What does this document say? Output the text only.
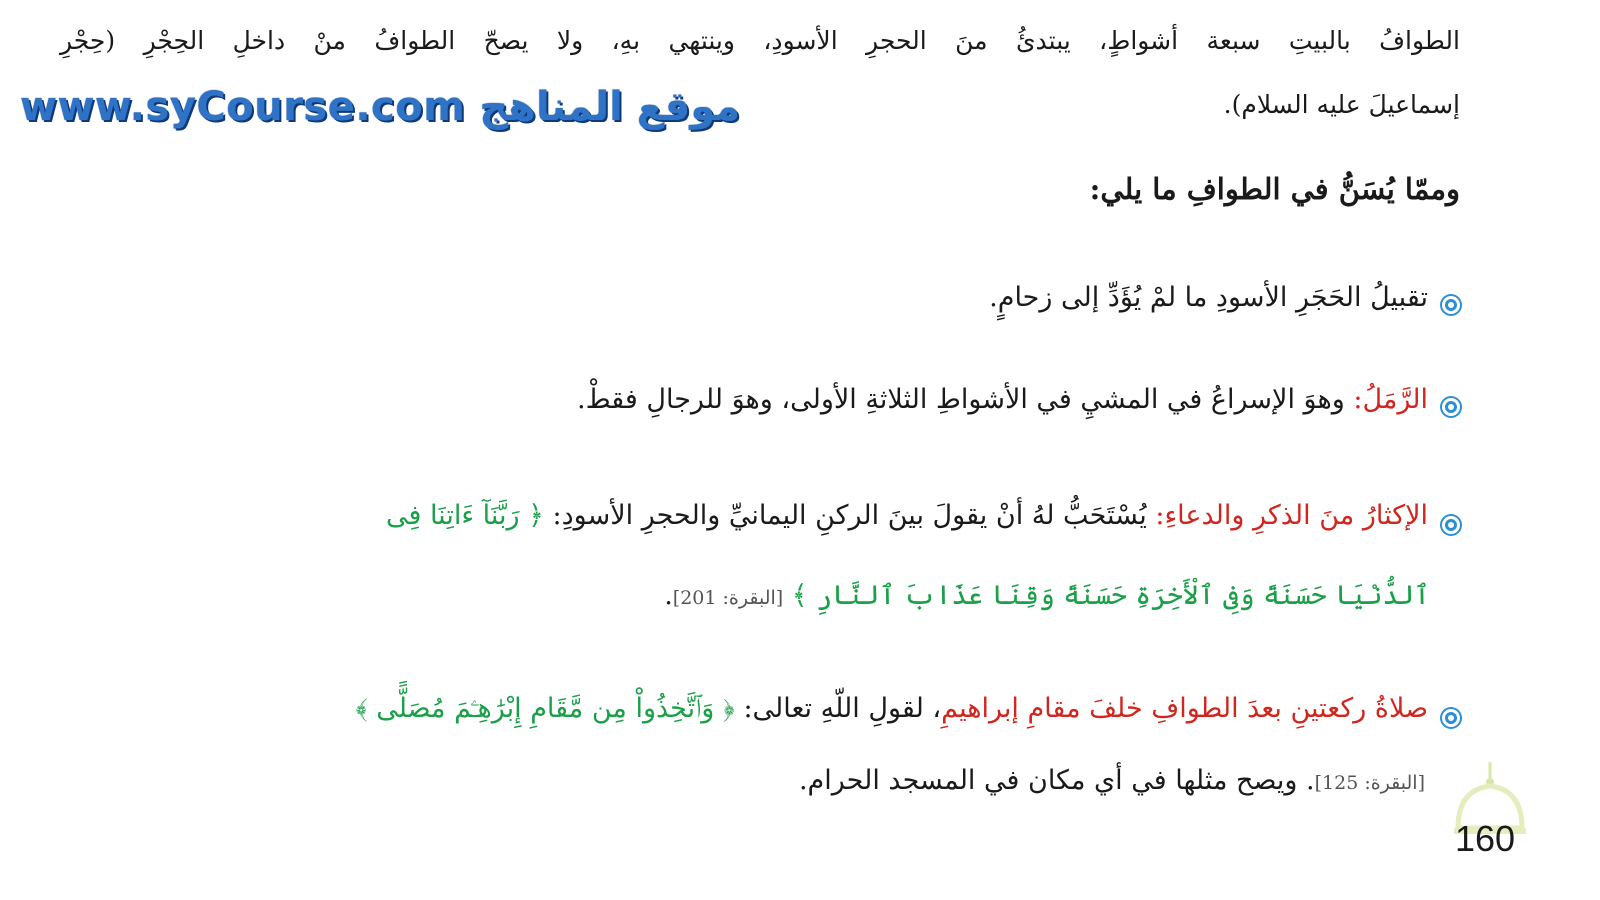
الطوافُ بالبيتِ سبعة أشواطٍ، يبتدئُ منَ الحجرِ الأسودِ، وينتهي بهِ، ولا يصحّ الطوافُ منْ داخلِ الحِجْرِ (حِجْرِ
إسماعيلَ عليه السلام).
www.syCourse.com موقع المناهج
وممّا يُسَنُّ في الطوافِ ما يلي:
تقبيلُ الحَجَرِ الأسودِ ما لمْ يُؤَدِّ إلى زحامٍ.
الرَّمَلُ: وهوَ الإسراعُ في المشيِ في الأشواطِ الثلاثةِ الأولى، وهوَ للرجالِ فقطْ.
الإكثارُ منَ الذكرِ والدعاءِ: يُسْتَحَبُّ لهُ أنْ يقولَ بينَ الركنِ اليمانيِّ والحجرِ الأسودِ: ﴿ رَبَّنَآ ءَاتِنَا فِى
ٱلدُّنْيَا حَسَنَةً وَفِى ٱلْأَخِرَةِ حَسَنَةً وَقِنَا عَذَابَ ٱلنَّارِ ﴾ [البقرة: 201].
صلاةُ ركعتينِ بعدَ الطوافِ خلفَ مقامِ إبراهيمِ، لقولِ اللّهِ تعالى: ﴿ وَٱتَّخِذُواْ مِن مَّقَامِ إِبْرَٰهِـۧمَ مُصَلًّى ﴾
[البقرة: 125]. ويصح مثلها في أي مكان في المسجد الحرام.
160
